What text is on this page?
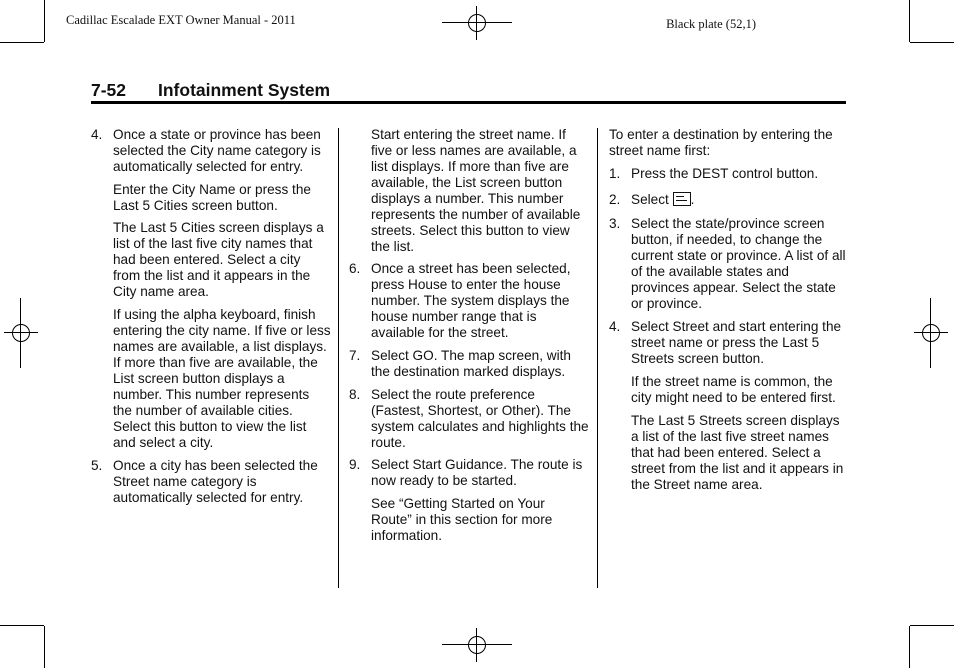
Cadillac Escalade EXT Owner Manual - 2011	Black plate (52,1)
7-52 Infotainment System
4. Once a state or province has been selected the City name category is automatically selected for entry.

Enter the City Name or press the Last 5 Cities screen button.

The Last 5 Cities screen displays a list of the last five city names that had been entered. Select a city from the list and it appears in the City name area.

If using the alpha keyboard, finish entering the city name. If five or less names are available, a list displays. If more than five are available, the List screen button displays a number. This number represents the number of available cities. Select this button to view the list and select a city.

5. Once a city has been selected the Street name category is automatically selected for entry.

Start entering the street name. If five or less names are available, a list displays. If more than five are available, the List screen button displays a number. This number represents the number of available streets. Select this button to view the list.

6. Once a street has been selected, press House to enter the house number. The system displays the house number range that is available for the street.

7. Select GO. The map screen, with the destination marked displays.

8. Select the route preference (Fastest, Shortest, or Other). The system calculates and highlights the route.

9. Select Start Guidance. The route is now ready to be started.

See “Getting Started on Your Route” in this section for more information.

To enter a destination by entering the street name first:

1. Press the DEST control button.

2. Select .

3. Select the state/province screen button, if needed, to change the current state or province. A list of all of the available states and provinces appear. Select the state or province.

4. Select Street and start entering the street name or press the Last 5 Streets screen button.

If the street name is common, the city might need to be entered first.

The Last 5 Streets screen displays a list of the last five street names that had been entered. Select a street from the list and it appears in the Street name area.
